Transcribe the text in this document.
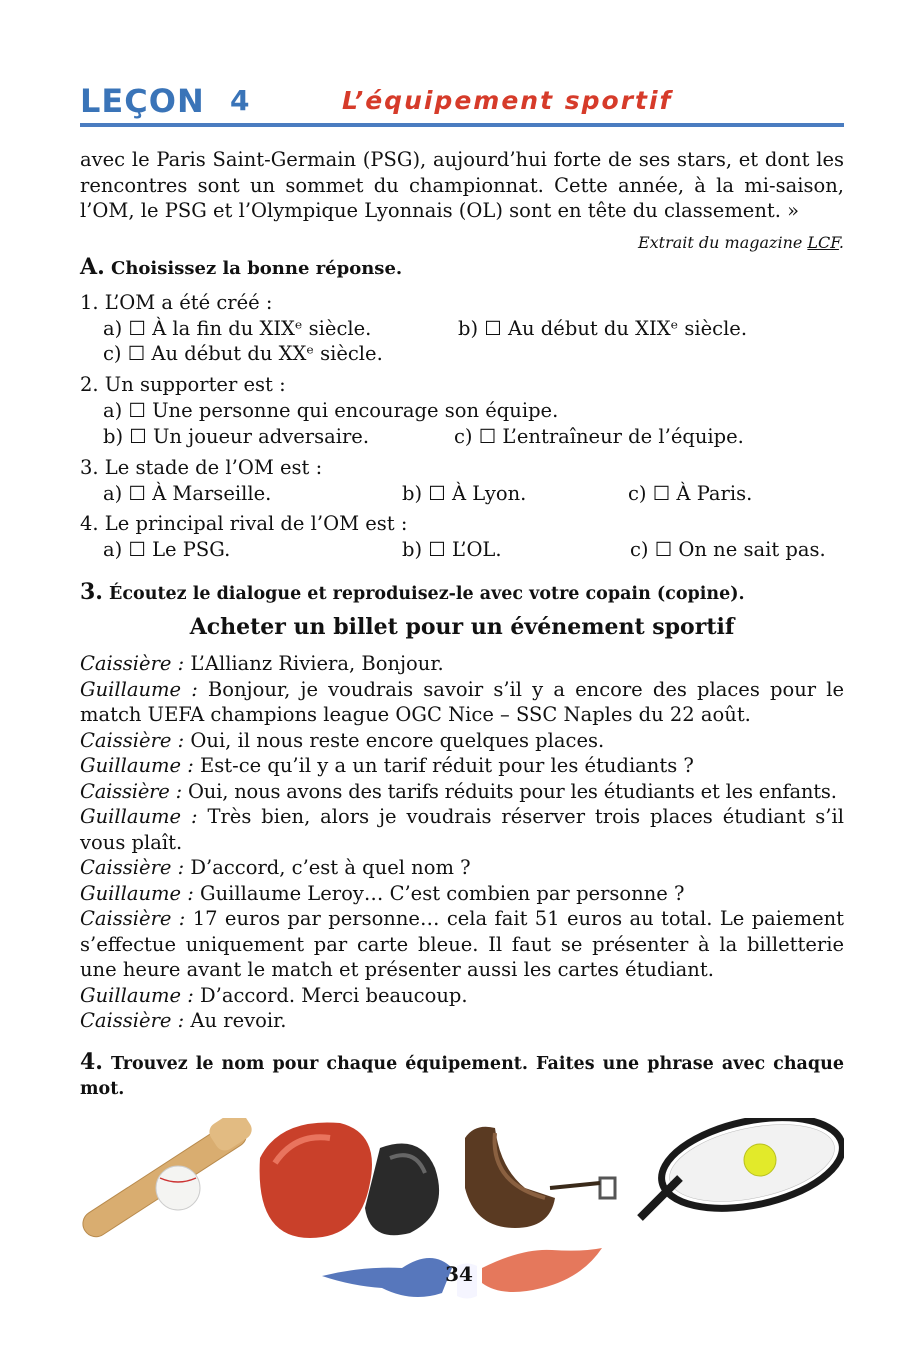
LEÇON 4	L’équipement sportif
avec le Paris Saint-Germain (PSG), aujourd’hui forte de ses stars, et dont les
rencontres sont un sommet du championnat. Cette année, à la mi-saison,
l’OM, le PSG et l’Olympique Lyonnais (OL) sont en tête du classement. »
Extrait du magazine LCF.
A. Choisissez la bonne réponse.
1. L’OM a été créé :
a) ☐ À la fin du XIXᵉ siècle.	b) ☐ Au début du XIXᵉ siècle.
c) ☐ Au début du XXᵉ siècle.
2. Un supporter est :
a) ☐ Une personne qui encourage son équipe.
b) ☐ Un joueur adversaire.	c) ☐ L’entraîneur de l’équipe.
3. Le stade de l’OM est :
a) ☐ À Marseille.	b) ☐ À Lyon.	c) ☐ À Paris.
4. Le principal rival de l’OM est :
a) ☐ Le PSG.	b) ☐ L’OL.	c) ☐ On ne sait pas.
3. Écoutez le dialogue et reproduisez-le avec votre copain (copine).
Acheter un billet pour un événement sportif
Caissière : L’Allianz Riviera, Bonjour.
Guillaume : Bonjour, je voudrais savoir s’il y a encore des places pour le match UEFA champions league OGC Nice – SSC Naples du 22 août.
Caissière : Oui, il nous reste encore quelques places.
Guillaume : Est-ce qu’il y a un tarif réduit pour les étudiants ?
Caissière : Oui, nous avons des tarifs réduits pour les étudiants et les enfants.
Guillaume : Très bien, alors je voudrais réserver trois places étudiant s’il vous plaît.
Caissière : D’accord, c’est à quel nom ?
Guillaume : Guillaume Leroy… C’est combien par personne ?
Caissière : 17 euros par personne… cela fait 51 euros au total. Le paiement s’effectue uniquement par carte bleue. Il faut se présenter à la billetterie une heure avant le match et présenter aussi les cartes étudiant.
Guillaume : D’accord. Merci beaucoup.
Caissière : Au revoir.
4. Trouvez le nom pour chaque équipement. Faites une phrase avec chaque mot.
34
